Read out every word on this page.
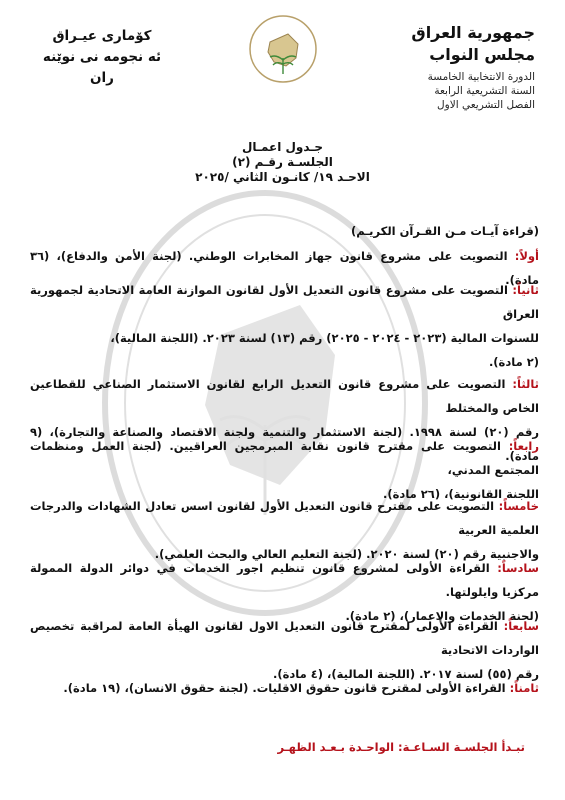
جمهورية العراق
مجلس النواب
الدورة الانتخابية الخامسة
السنة التشريعية الرابعة
الفصل التشريعي الاول
كۆماری عيـراق
ئه نجومه نی نوێنه ران
جـدول اعمـال
الجلسـة رقـم (٢)
الاحـد ١٩/ كانـون الثاني /٢٠٢٥
(قراءة آيـات مـن القـرآن الكريـم)
أولاً: التصويت على مشروع قانون جهاز المخابرات الوطني. (لجنة الأمن والدفاع)، (٣٦ مادة).
ثانياً: التصويت على مشروع قانون التعديل الأول لقانون الموازنة العامة الاتحادية لجمهورية العراق
للسنوات المالية (٢٠٢٣ - ٢٠٢٤ - ٢٠٢٥) رقم (١٣) لسنة ٢٠٢٣. (اللجنة المالية)،
(٢ مادة).
ثالثاً: التصويت على مشروع قانون التعديل الرابع لقانون الاستثمار الصناعي للقطاعين الخاص والمختلط
رقم (٢٠) لسنة ١٩٩٨. (لجنة الاستثمار والتنمية ولجنة الاقتصاد والصناعة والتجارة)، (٩ مادة).
رابعاً: التصويت على مقترح قانون نقابة المبرمجين العراقيين. (لجنة العمل ومنظمات المجتمع المدني،
اللجنة القانونية)، (٢٦ مادة).
خامساً: التصويت على مقترح قانون التعديل الأول لقانون اسس تعادل الشهادات والدرجات العلمية العربية
والاجنبية رقم (٢٠) لسنة ٢٠٢٠. (لجنة التعليم العالي والبحث العلمي).
سادساً: القراءة الأولى لمشروع قانون تنظيم اجور الخدمات في دوائر الدولة الممولة مركزيا وايلولتها.
(لجنة الخدمات والاعمار)، (٢ مادة).
سابعاً: القراءة الأولى لمقترح قانون التعديل الاول لقانون الهيأة العامة لمراقبة تخصيص الواردات الاتحادية
رقم (٥٥) لسنة ٢٠١٧. (اللجنة المالية)، (٤ مادة).
ثامناً: القراءة الأولى لمقترح قانون حقوق الاقليات. (لجنة حقوق الانسان)، (١٩ مادة).
تبـدأ الجلسـة السـاعـة: الواحـدة بـعـد الظهـر
